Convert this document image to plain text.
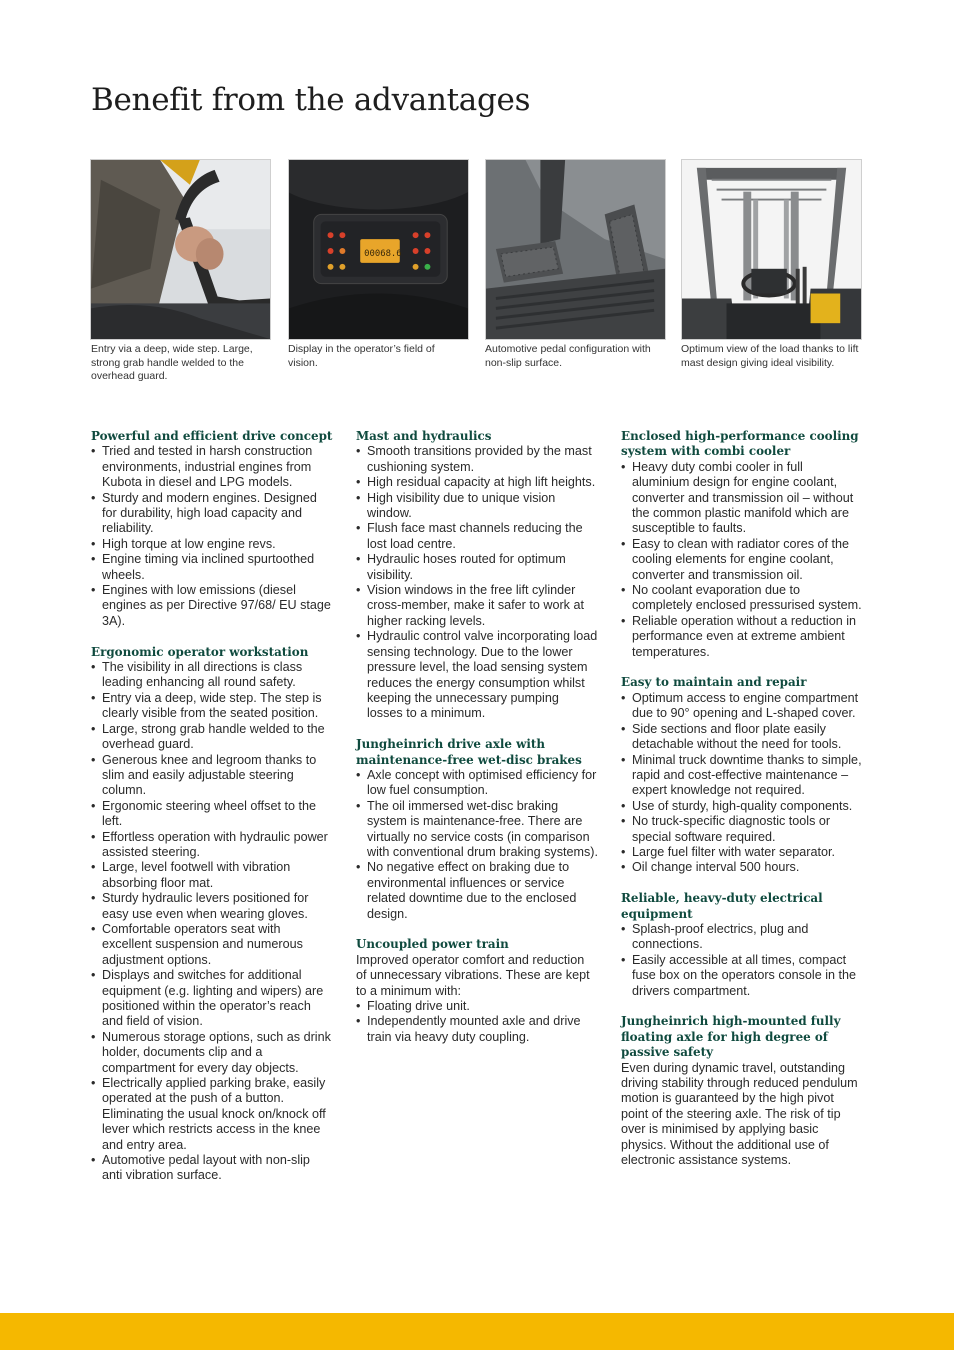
Benefit from the advantages
Entry via a deep, wide step. Large, strong grab handle welded to the overhead guard.
00068.6
Display in the operator’s field of vision.
Automotive pedal configuration with non-slip surface.
Optimum view of the load thanks to lift mast design giving ideal visibility.
Powerful and efficient drive concept
• Tried and tested in harsh construction environments, industrial engines from Kubota in diesel and LPG models.
• Sturdy and modern engines. Designed for durability, high load capacity and reliability.
• High torque at low engine revs.
• Engine timing via inclined spurtoothed wheels.
• Engines with low emissions (diesel engines as per Directive 97/68/ EU stage 3A).
Ergonomic operator workstation
• The visibility in all directions is class leading enhancing all round safety.
• Entry via a deep, wide step. The step is clearly visible from the seated position.
• Large, strong grab handle welded to the overhead guard.
• Generous knee and legroom thanks to slim and easily adjustable steering column.
• Ergonomic steering wheel offset to the left.
• Effortless operation with hydraulic power assisted steering.
• Large, level footwell with vibration absorbing floor mat.
• Sturdy hydraulic levers positioned for easy use even when wearing gloves.
• Comfortable operators seat with excellent suspension and numerous adjustment options.
• Displays and switches for additional equipment (e.g. lighting and wipers) are positioned within the operator’s reach and field of vision.
• Numerous storage options, such as drink holder, documents clip and a compartment for every day objects.
• Electrically applied parking brake, easily operated at the push of a button. Eliminating the usual knock on/knock off lever which restricts access in the knee and entry area.
• Automotive pedal layout with non-slip anti vibration surface.
Mast and hydraulics
• Smooth transitions provided by the mast cushioning system.
• High residual capacity at high lift heights.
• High visibility due to unique vision window.
• Flush face mast channels reducing the lost load centre.
• Hydraulic hoses routed for optimum visibility.
• Vision windows in the free lift cylinder cross-member, make it safer to work at higher racking levels.
• Hydraulic control valve incorporating load sensing technology. Due to the lower pressure level, the load sensing system reduces the energy consumption whilst keeping the unnecessary pumping losses to a minimum.
Jungheinrich drive axle with maintenance-free wet-disc brakes
• Axle concept with optimised efficiency for low fuel consumption.
• The oil immersed wet-disc braking system is maintenance-free. There are virtually no service costs (in comparison with conventional drum braking systems).
• No negative effect on braking due to environmental influences or service related downtime due to the enclosed design.
Uncoupled power train

Improved operator comfort and reduction of unnecessary vibrations. These are kept to a minimum with:

• Floating drive unit.
• Independently mounted axle and drive train via heavy duty coupling.
Enclosed high-performance cooling system with combi cooler
• Heavy duty combi cooler in full aluminium design for engine coolant, converter and transmission oil – without the common plastic manifold which are susceptible to faults.
• Easy to clean with radiator cores of the cooling elements for engine coolant, converter and transmission oil.
• No coolant evaporation due to completely enclosed pressurised system.
• Reliable operation without a reduction in performance even at extreme ambient temperatures.
Easy to maintain and repair
• Optimum access to engine compartment due to 90° opening and L-shaped cover.
• Side sections and floor plate easily detachable without the need for tools.
• Minimal truck downtime thanks to simple, rapid and cost-effective maintenance – expert knowledge not required.
• Use of sturdy, high-quality components.
• No truck-specific diagnostic tools or special software required.
• Large fuel filter with water separator.
• Oil change interval 500 hours.
Reliable, heavy-duty electrical equipment
• Splash-proof electrics, plug and connections.
• Easily accessible at all times, compact fuse box on the operators console in the drivers compartment.
Jungheinrich high-mounted fully floating axle for high degree of passive safety

Even during dynamic travel, outstanding driving stability through reduced pendulum motion is guaranteed by the high pivot point of the steering axle. The risk of tip over is minimised by applying basic physics. Without the additional use of electronic assistance systems.
